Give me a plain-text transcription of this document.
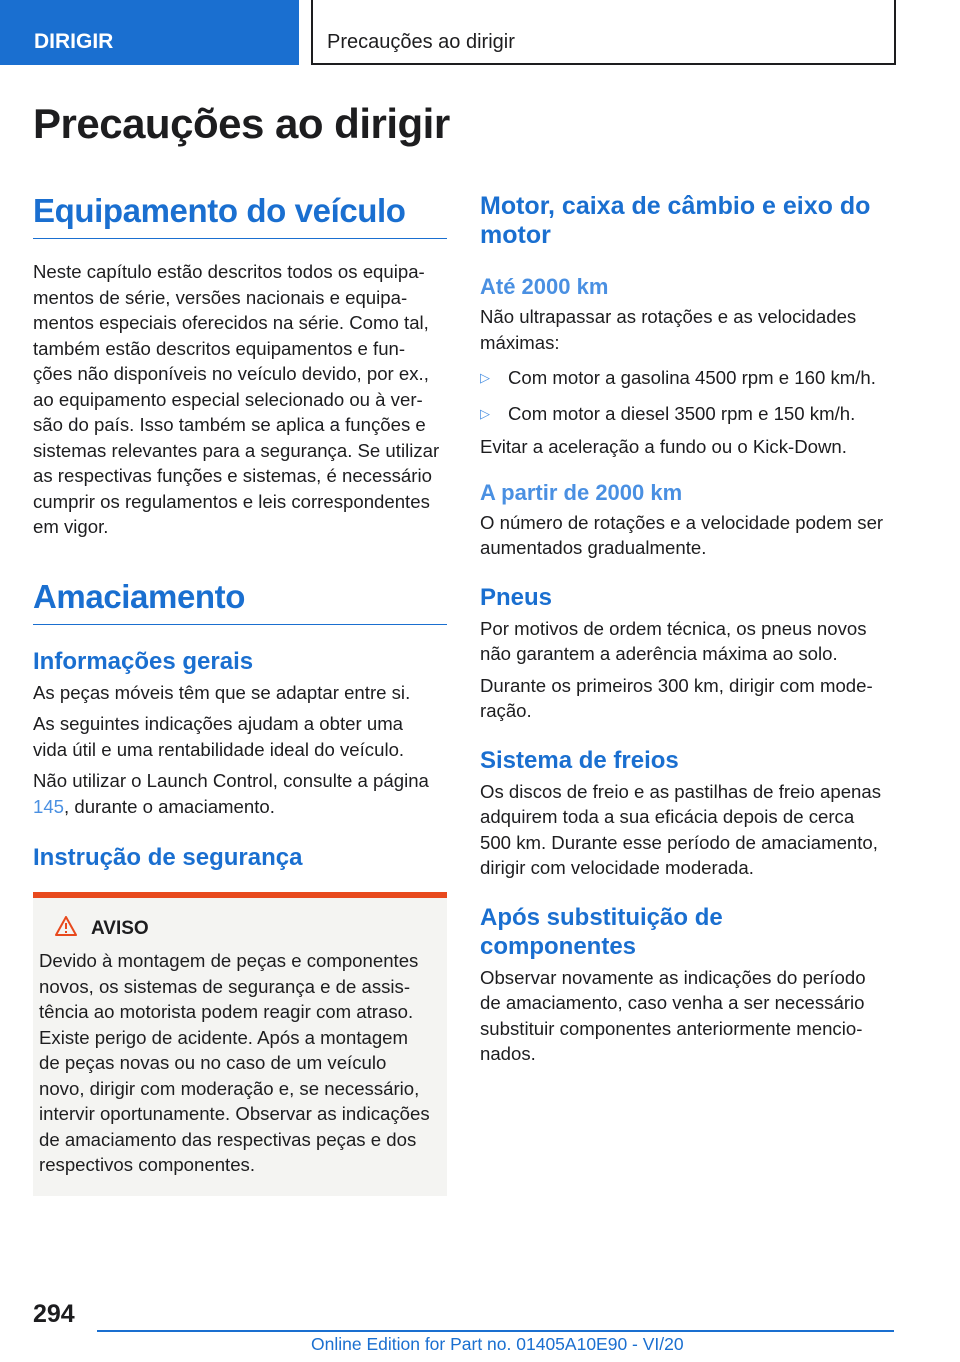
DIRIGIR	Precauções ao dirigir
Precauções ao dirigir
Equipamento do veículo

Neste capítulo estão descritos todos os equipa-

mentos de série, versões nacionais e equipa-

mentos especiais oferecidos na série. Como tal,

também estão descritos equipamentos e fun-

ções não disponíveis no veículo devido, por ex.,

ao equipamento especial selecionado ou à ver-

são do país. Isso também se aplica a funções e

sistemas relevantes para a segurança. Se utilizar

as respectivas funções e sistemas, é necessário

cumprir os regulamentos e leis correspondentes

em vigor.

Amaciamento
Informações gerais

As peças móveis têm que se adaptar entre si.

As seguintes indicações ajudam a obter uma

vida útil e uma rentabilidade ideal do veículo.

Não utilizar o Launch Control, consulte a página

145, durante o amaciamento.

Instrução de segurança
AVISO

Devido à montagem de peças e componentes

novos, os sistemas de segurança e de assis-

tência ao motorista podem reagir com atraso.

Existe perigo de acidente. Após a montagem

de peças novas ou no caso de um veículo

novo, dirigir com moderação e, se necessário,

intervir oportunamente. Observar as indicações

de amaciamento das respectivas peças e dos

respectivos componentes.

Motor, caixa de câmbio e eixo do
motor
Até 2000 km

Não ultrapassar as rotações e as velocidades

máximas:

▷ Com motor a gasolina 4500 rpm e 160 km/h.
▷ Com motor a diesel 3500 rpm e 150 km/h.

Evitar a aceleração a fundo ou o Kick-Down.

A partir de 2000 km

O número de rotações e a velocidade podem ser

aumentados gradualmente.

Pneus

Por motivos de ordem técnica, os pneus novos

não garantem a aderência máxima ao solo.

Durante os primeiros 300 km, dirigir com mode-

ração.

Sistema de freios

Os discos de freio e as pastilhas de freio apenas

adquirem toda a sua eficácia depois de cerca

500 km. Durante esse período de amaciamento,

dirigir com velocidade moderada.

Após substituição de
componentes

Observar novamente as indicações do período

de amaciamento, caso venha a ser necessário

substituir componentes anteriormente mencio-

nados.

294
Online Edition for Part no. 01405A10E90 - VI/20
